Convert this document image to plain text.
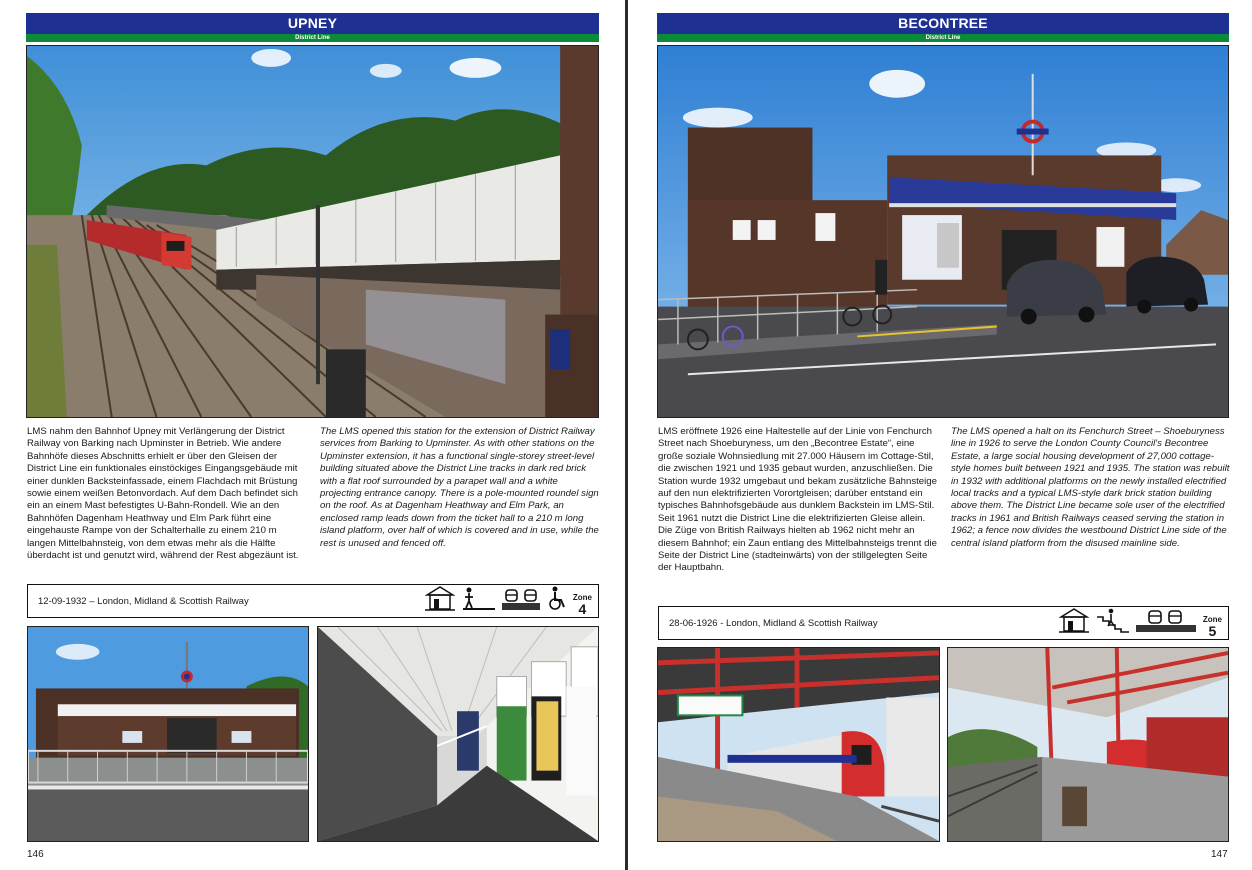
UPNEY
District Line
LMS nahm den Bahnhof Upney mit Verlängerung der District Railway von Barking nach Upminster in Betrieb. Wie andere Bahnhöfe dieses Abschnitts erhielt er über den Gleisen der District Line ein funktionales einstöckiges Eingangsgebäude mit einer dunklen Backsteinfassade, einem Flachdach mit Brüstung sowie einem weißen Betonvordach. Auf dem Dach befindet sich ein an einem Mast befestigtes U-Bahn-Rondell. Wie an den Bahnhöfen Dagenham Heathway und Elm Park führt eine eingehauste Rampe von der Schalterhalle zu einem 210 m langen Mittelbahnsteig, von dem etwas mehr als die Hälfte überdacht ist und genutzt wird, während der Rest abgezäunt ist.
The LMS opened this station for the extension of District Railway services from Barking to Upminster. As with other stations on the Upminster extension, it has a functional single-storey street-level building situated above the District Line tracks in dark red brick with a flat roof surrounded by a parapet wall and a white projecting entrance canopy. There is a pole-mounted roundel sign on the roof. As at Dagenham Heathway and Elm Park, an enclosed ramp leads down from the ticket hall to a 210 m long island platform, over half of which is covered and in use, while the rest is unused and fenced off.
12-09-1932 – London, Midland & Scottish Railway	Zone
4
146
BECONTREE
District Line
LMS eröffnete 1926 eine Haltestelle auf der Linie von Fenchurch Street nach Shoeburyness, um den „Becontree Estate“, eine große soziale Wohnsiedlung mit 27.000 Häusern im Cottage-Stil, die zwischen 1921 und 1935 gebaut wurden, anzuschließen. Die Station wurde 1932 umgebaut und bekam zusätzliche Bahnsteige auf den nun elektrifizierten Vorortgleisen; darüber entstand ein typisches Bahnhofsgebäude aus dunklem Backstein im LMS-Stil. Seit 1961 nutzt die District Line die elektrifizierten Gleise allein. Die Züge von British Railways hielten ab 1962 nicht mehr an diesem Bahnhof; ein Zaun entlang des Mittelbahnsteigs trennt die Seite der District Line (stadteinwärts) von der stillgelegten Seite der Hauptbahn.
The LMS opened a halt on its Fenchurch Street – Shoeburyness line in 1926 to serve the London County Council's Becontree Estate, a large social housing development of 27,000 cottage-style homes built between 1921 and 1935. The station was rebuilt in 1932 with additional platforms on the newly installed electrified local tracks and a typical LMS-style dark brick station building above them. The District Line became sole user of the electrified tracks in 1961 and British Railways ceased serving the station in 1962; a fence now divides the westbound District Line side of the central island platform from the disused mainline side.
28-06-1926 - London, Midland & Scottish Railway	Zone
5
147
